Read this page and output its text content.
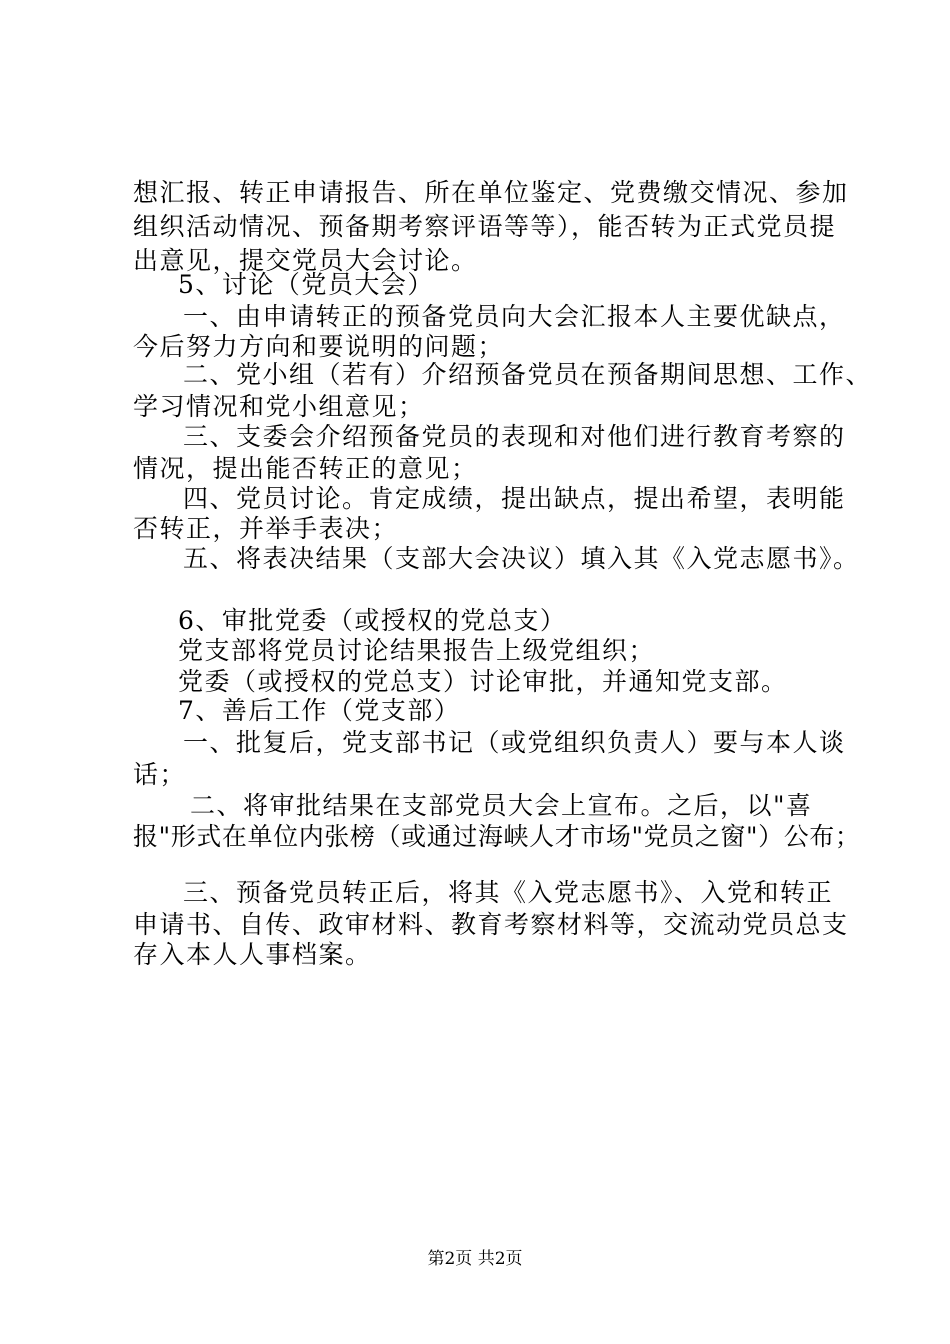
想汇报、转正申请报告、所在单位鉴定、党费缴交情况、参加
组织活动情况、预备期考察评语等等），能否转为正式党员提
出意见，提交党员大会讨论。
5、讨论（党员大会）
一、由申请转正的预备党员向大会汇报本人主要优缺点，
今后努力方向和要说明的问题；
二、党小组（若有）介绍预备党员在预备期间思想、工作、
学习情况和党小组意见；
三、支委会介绍预备党员的表现和对他们进行教育考察的
情况，提出能否转正的意见；
四、党员讨论。肯定成绩，提出缺点，提出希望，表明能
否转正，并举手表决；
五、将表决结果（支部大会决议）填入其《入党志愿书》。
6、审批党委（或授权的党总支）
党支部将党员讨论结果报告上级党组织；
党委（或授权的党总支）讨论审批，并通知党支部。
7、善后工作（党支部）
一、批复后，党支部书记（或党组织负责人）要与本人谈
话；
二、将审批结果在支部党员大会上宣布。之后，以"喜
报"形式在单位内张榜（或通过海峡人才市场"党员之窗"）公布；
三、预备党员转正后，将其《入党志愿书》、入党和转正
申请书、自传、政审材料、教育考察材料等，交流动党员总支
存入本人人事档案。
第2页 共2页
